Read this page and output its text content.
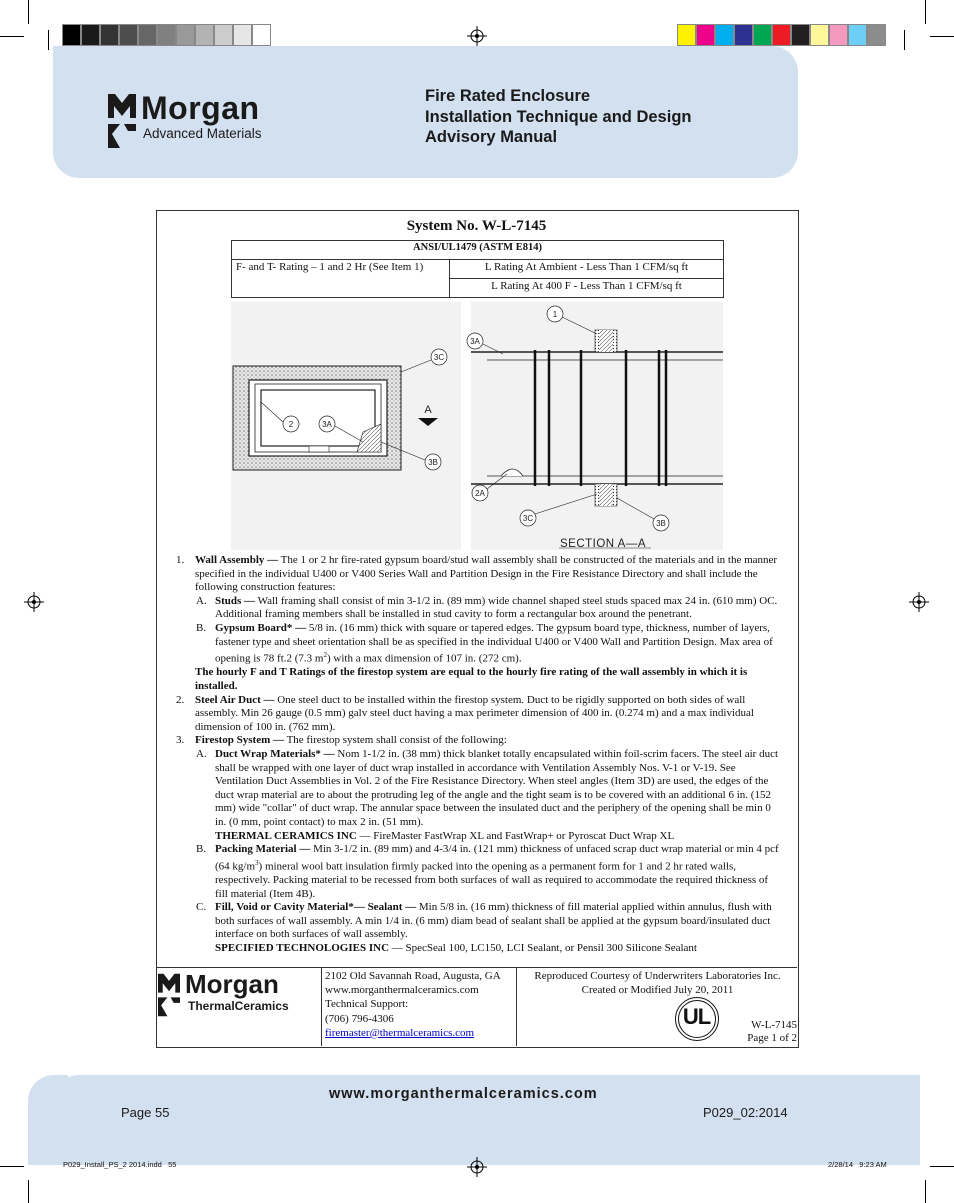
Morgan
Advanced Materials
Fire Rated Enclosure
Installation Technique and Design
Advisory Manual
System No. W-L-7145
ANSI/UL1479 (ASTM E814)
F- and T- Rating – 1 and 2 Hr (See Item 1)	L Rating At Ambient - Less Than 1 CFM/sq ft
L Rating At 400 F - Less Than 1 CFM/sq ft
3C
2	3A
3B
A
1
3A
2A
3C
3B
SECTION A—A

1. Wall Assembly — The 1 or 2 hr fire-rated gypsum board/stud wall assembly shall be constructed of the materials and in the manner specified in the individual U400 or V400 Series Wall and Partition Design in the Fire Resistance Directory and shall include the following construction features:

A. Studs — Wall framing shall consist of min 3-1/2 in. (89 mm) wide channel shaped steel studs spaced max 24 in. (610 mm) OC. Additional framing members shall be installed in stud cavity to form a rectangular box around the penetrant.

B. Gypsum Board* — 5/8 in. (16 mm) thick with square or tapered edges. The gypsum board type, thickness, number of layers, fastener type and sheet orientation shall be as specified in the individual U400 or V400 Wall and Partition Design. Max area of opening is 78 ft.2 (7.3 $m^2$) with a max dimension of 107 in. (272 cm).

The hourly F and T Ratings of the firestop system are equal to the hourly fire rating of the wall assembly in which it is installed.

2. Steel Air Duct — One steel duct to be installed within the firestop system. Duct to be rigidly supported on both sides of wall assembly. Min 26 gauge (0.5 mm) galv steel duct having a max perimeter dimension of 400 in. (0.274 m) and a max individual dimension of 100 in. (762 mm).

3. Firestop System — The firestop system shall consist of the following:

A. Duct Wrap Materials* — Nom 1-1/2 in. (38 mm) thick blanket totally encapsulated within foil-scrim facers. The steel air duct shall be wrapped with one layer of duct wrap installed in accordance with Ventilation Assembly Nos. V-1 or V-19. See Ventilation Duct Assemblies in Vol. 2 of the Fire Resistance Directory. When steel angles (Item 3D) are used, the edges of the duct wrap material are to about the protruding leg of the angle and the tight seam is to be covered with an additional 6 in. (152 mm) wide "collar" of duct wrap. The annular space between the insulated duct and the periphery of the opening shall be min 0 in. (0 mm, point contact) to max 2 in. (51 mm).

THERMAL CERAMICS INC — FireMaster FastWrap XL and FastWrap+ or Pyroscat Duct Wrap XL

B. Packing Material — Min 3-1/2 in. (89 mm) and 4-3/4 in. (121 mm) thickness of unfaced scrap duct wrap material or min 4 pcf (64 $kg/m^3$) mineral wool batt insulation firmly packed into the opening as a permanent form for 1 and 2 hr rated walls, respectively. Packing material to be recessed from both surfaces of wall as required to accommodate the required thickness of fill material (Item 4B).

C. Fill, Void or Cavity Material*— Sealant — Min 5/8 in. (16 mm) thickness of fill material applied within annulus, flush with both surfaces of wall assembly. A min 1/4 in. (6 mm) diam bead of sealant shall be applied at the gypsum board/insulated duct interface on both surfaces of wall assembly.

SPECIFIED TECHNOLOGIES INC — SpecSeal 100, LC150, LCI Sealant, or Pensil 300 Silicone Sealant

Morgan
ThermalCeramics
2102 Old Savannah Road, Augusta, GA
www.morganthermalceramics.com
Technical Support:
(706) 796-4306
firemaster@thermalceramics.com
Reproduced Courtesy of Underwriters Laboratories Inc.
Created or Modified July 20, 2011
UL	W-L-7145
Page 1 of 2
www.morganthermalceramics.com
Page 55	P029_02:2014
P029_Install_PS_2 2014.indd   55	2/28/14   9:23 AM
